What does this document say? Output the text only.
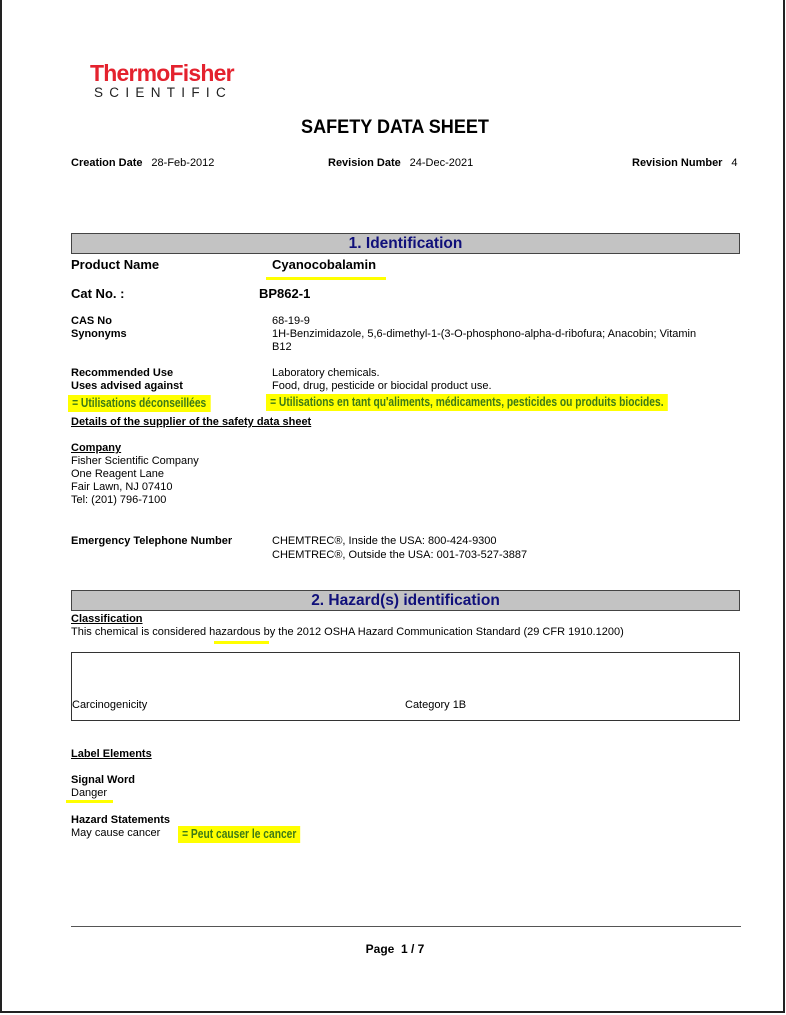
ThermoFisher
SCIENTIFIC
SAFETY DATA SHEET
Creation Date 28-Feb-2012	Revision Date 24-Dec-2021	Revision Number 4
1. Identification
Product Name	Cyanocobalamin
Cat No. :	BP862-1
CAS No	68-19-9
Synonyms	1H-Benzimidazole, 5,6-dimethyl-1-(3-O-phosphono-alpha-d-ribofura; Anacobin; Vitamin
B12
Recommended Use	Laboratory chemicals.
Uses advised against	Food, drug, pesticide or biocidal product use.
= Utilisations déconseillées	= Utilisations en tant qu'aliments, médicaments, pesticides ou produits biocides.
Details of the supplier of the safety data sheet
Company
Fisher Scientific Company
One Reagent Lane
Fair Lawn, NJ 07410
Tel: (201) 796-7100
Emergency Telephone Number	CHEMTREC®, Inside the USA: 800-424-9300
CHEMTREC®, Outside the USA: 001-703-527-3887
2. Hazard(s) identification
Classification
This chemical is considered hazardous by the 2012 OSHA Hazard Communication Standard (29 CFR 1910.1200)
Carcinogenicity	Category 1B
Label Elements
Signal Word
Danger
Hazard Statements
May cause cancer	= Peut causer le cancer
Page 1 / 7
